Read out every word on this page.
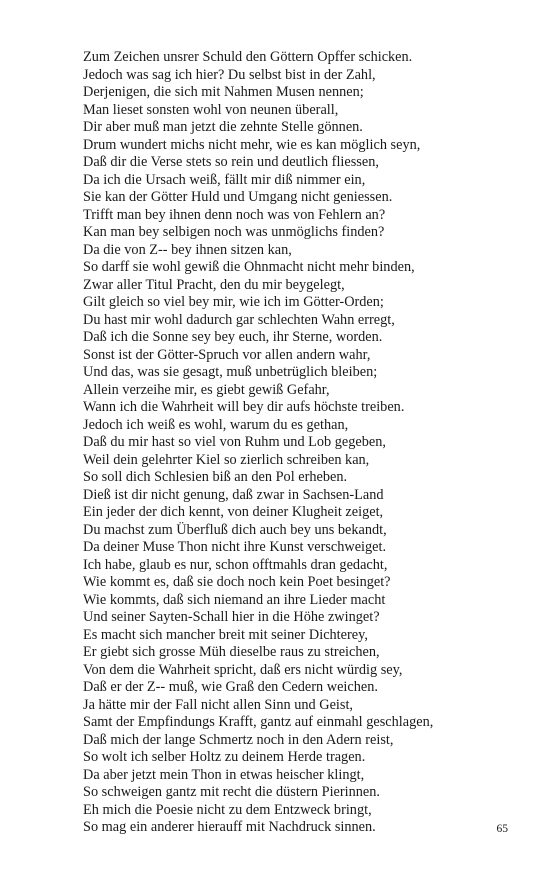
Zum Zeichen unsrer Schuld den Göttern Opffer schicken.
Jedoch was sag ich hier? Du selbst bist in der Zahl,
Derjenigen, die sich mit Nahmen Musen nennen;
Man lieset sonsten wohl von neunen überall,
Dir aber muß man jetzt die zehnte Stelle gönnen.
Drum wundert michs nicht mehr, wie es kan möglich seyn,
Daß dir die Verse stets so rein und deutlich fliessen,
Da ich die Ursach weiß, fällt mir diß nimmer ein,
Sie kan der Götter Huld und Umgang nicht geniessen.
Trifft man bey ihnen denn noch was von Fehlern an?
Kan man bey selbigen noch was unmöglichs finden?
Da die von Z-- bey ihnen sitzen kan,
So darff sie wohl gewiß die Ohnmacht nicht mehr binden,
Zwar aller Titul Pracht, den du mir beygelegt,
Gilt gleich so viel bey mir, wie ich im Götter-Orden;
Du hast mir wohl dadurch gar schlechten Wahn erregt,
Daß ich die Sonne sey bey euch, ihr Sterne, worden.
Sonst ist der Götter-Spruch vor allen andern wahr,
Und das, was sie gesagt, muß unbetrüglich bleiben;
Allein verzeihe mir, es giebt gewiß Gefahr,
Wann ich die Wahrheit will bey dir aufs höchste treiben.
Jedoch ich weiß es wohl, warum du es gethan,
Daß du mir hast so viel von Ruhm und Lob gegeben,
Weil dein gelehrter Kiel so zierlich schreiben kan,
So soll dich Schlesien biß an den Pol erheben.
Dieß ist dir nicht genung, daß zwar in Sachsen-Land
Ein jeder der dich kennt, von deiner Klugheit zeiget,
Du machst zum Überfluß dich auch bey uns bekandt,
Da deiner Muse Thon nicht ihre Kunst verschweiget.
Ich habe, glaub es nur, schon offtmahls dran gedacht,
Wie kommt es, daß sie doch noch kein Poet besinget?
Wie kommts, daß sich niemand an ihre Lieder macht
Und seiner Sayten-Schall hier in die Höhe zwinget?
Es macht sich mancher breit mit seiner Dichterey,
Er giebt sich grosse Müh dieselbe raus zu streichen,
Von dem die Wahrheit spricht, daß ers nicht würdig sey,
Daß er der Z-- muß, wie Graß den Cedern weichen.
Ja hätte mir der Fall nicht allen Sinn und Geist,
Samt der Empfindungs Krafft, gantz auf einmahl geschlagen,
Daß mich der lange Schmertz noch in den Adern reist,
So wolt ich selber Holtz zu deinem Herde tragen.
Da aber jetzt mein Thon in etwas heischer klingt,
So schweigen gantz mit recht die düstern Pierinnen.
Eh mich die Poesie nicht zu dem Entzweck bringt,
So mag ein anderer hierauff mit Nachdruck sinnen.	65
